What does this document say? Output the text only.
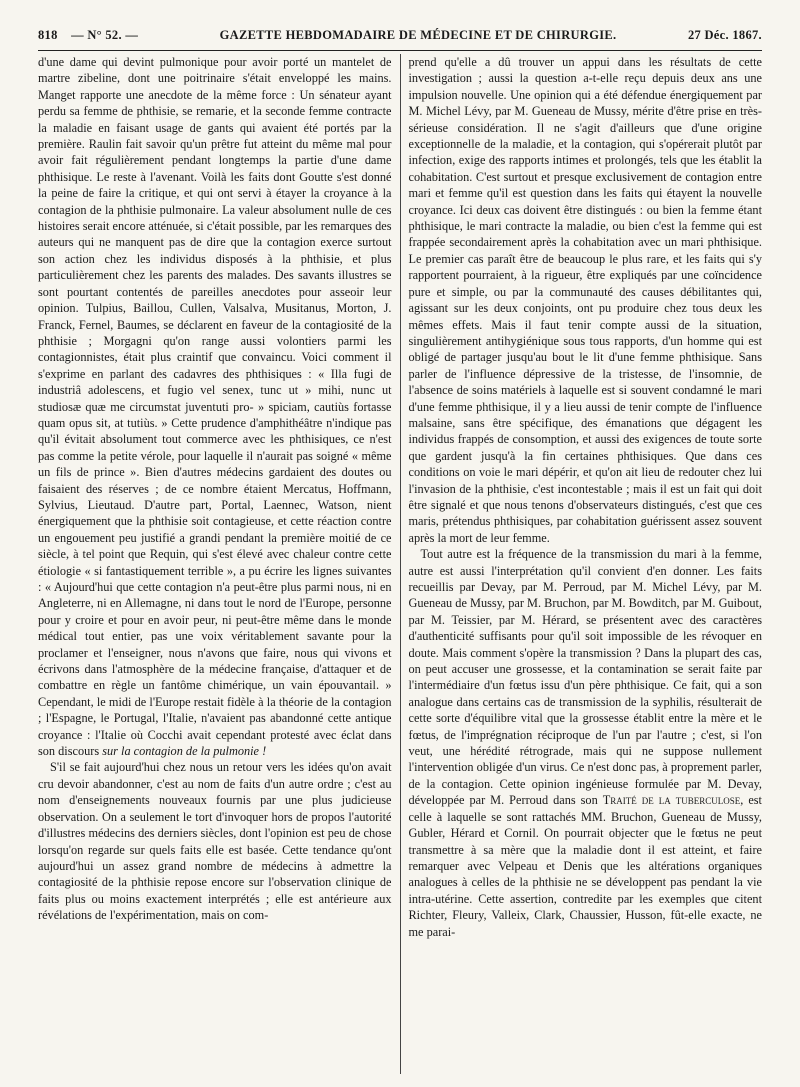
818 — N° 52. —	GAZETTE HEBDOMADAIRE DE MÉDECINE ET DE CHIRURGIE.	27 Déc. 1867.

d'une dame qui devint pulmonique pour avoir porté un mantelet de martre zibeline, dont une poitrinaire s'était enveloppé les mains. Manget rapporte une anecdote de la même force : Un sénateur ayant perdu sa femme de phthisie, se remarie, et la seconde femme contracte la maladie en faisant usage de gants qui avaient été portés par la première. Raulin fait savoir qu'un prêtre fut atteint du même mal pour avoir fait régulièrement pendant longtemps la partie d'une dame phthisique. Le reste à l'avenant. Voilà les faits dont Goutte s'est donné la peine de faire la critique, et qui ont servi à étayer la croyance à la contagion de la phthisie pulmonaire. La valeur absolument nulle de ces histoires serait encore atténuée, si c'était possible, par les remarques des auteurs qui ne manquent pas de dire que la contagion exerce surtout son action chez les individus disposés à la phthisie, et plus particulièrement chez les parents des malades. Des savants illustres se sont pourtant contentés de pareilles anecdotes pour asseoir leur opinion. Tulpius, Baillou, Cullen, Valsalva, Musitanus, Morton, J. Franck, Fernel, Baumes, se déclarent en faveur de la contagiosité de la phthisie ; Morgagni qu'on range aussi volontiers parmi les contagionnistes, était plus craintif que convaincu. Voici comment il s'exprime en parlant des cadavres des phthisiques : « Illa fugi de industriâ adolescens, et fugio vel senex, tunc ut » mihi, nunc ut studiosæ quæ me circumstat juventuti pro- » spiciam, cautiùs fortasse quam opus sit, at tutiùs. » Cette prudence d'amphithéâtre n'indique pas qu'il évitait absolument tout commerce avec les phthisiques, ce n'est pas comme la petite vérole, pour laquelle il n'aurait pas soigné « même un fils de prince ». Bien d'autres médecins gardaient des doutes ou faisaient des réserves ; de ce nombre étaient Mercatus, Hoffmann, Sylvius, Lieutaud. D'autre part, Portal, Laennec, Watson, nient énergiquement que la phthisie soit contagieuse, et cette réaction contre un engouement peu justifié a grandi pendant la première moitié de ce siècle, à tel point que Requin, qui s'est élevé avec chaleur contre cette étiologie « si fantastiquement terrible », a pu écrire les lignes suivantes : « Aujourd'hui que cette contagion n'a peut-être plus parmi nous, ni en Angleterre, ni en Allemagne, ni dans tout le nord de l'Europe, personne pour y croire et pour en avoir peur, ni peut-être même dans le monde médical tout entier, pas une voix véritablement savante pour la proclamer et l'enseigner, nous n'avons que faire, nous qui vivons et écrivons dans l'atmosphère de la médecine française, d'attaquer et de combattre en règle un fantôme chimérique, un vain épouvantail. » Cependant, le midi de l'Europe restait fidèle à la théorie de la contagion ; l'Espagne, le Portugal, l'Italie, n'avaient pas abandonné cette antique croyance : l'Italie où Cocchi avait cependant protesté avec éclat dans son discours sur la contagion de la pulmonie !

S'il se fait aujourd'hui chez nous un retour vers les idées qu'on avait cru devoir abandonner, c'est au nom de faits d'un autre ordre ; c'est au nom d'enseignements nouveaux fournis par une plus judicieuse observation. On a seulement le tort d'invoquer hors de propos l'autorité d'illustres médecins des derniers siècles, dont l'opinion est peu de chose lorsqu'on regarde sur quels faits elle est basée. Cette tendance qu'ont aujourd'hui un assez grand nombre de médecins à admettre la contagiosité de la phthisie repose encore sur l'observation clinique de faits plus ou moins exactement interprétés ; elle est antérieure aux révélations de l'expérimentation, mais on com-

prend qu'elle a dû trouver un appui dans les résultats de cette investigation ; aussi la question a-t-elle reçu depuis deux ans une impulsion nouvelle. Une opinion qui a été défendue énergiquement par M. Michel Lévy, par M. Gueneau de Mussy, mérite d'être prise en très-sérieuse considération. Il ne s'agit d'ailleurs que d'une origine exceptionnelle de la maladie, et la contagion, qui s'opérerait plutôt par infection, exige des rapports intimes et prolongés, tels que les établit la cohabitation. C'est surtout et presque exclusivement de contagion entre mari et femme qu'il est question dans les faits qui étayent la nouvelle croyance. Ici deux cas doivent être distingués : ou bien la femme étant phthisique, le mari contracte la maladie, ou bien c'est la femme qui est frappée secondairement après la cohabitation avec un mari phthisique. Le premier cas paraît être de beaucoup le plus rare, et les faits qui s'y rapportent pourraient, à la rigueur, être expliqués par une coïncidence pure et simple, ou par la communauté des causes débilitantes qui, agissant sur les deux conjoints, ont pu produire chez tous deux les mêmes effets. Mais il faut tenir compte aussi de la situation, singulièrement antihygiénique sous tous rapports, d'un homme qui est obligé de partager jusqu'au bout le lit d'une femme phthisique. Sans parler de l'influence dépressive de la tristesse, de l'insomnie, de l'absence de soins matériels à laquelle est si souvent condamné le mari d'une femme phthisique, il y a lieu aussi de tenir compte de l'influence malsaine, sans être spécifique, des émanations que dégagent les individus frappés de consomption, et aussi des exigences de toute sorte que gardent jusqu'à la fin certaines phthisiques. Que dans ces conditions on voie le mari dépérir, et qu'on ait lieu de redouter chez lui l'invasion de la phthisie, c'est incontestable ; mais il est un fait qui doit être signalé et que nous tenons d'observateurs distingués, c'est que ces maris, prétendus phthisiques, par cohabitation guérissent assez souvent après la mort de leur femme.

Tout autre est la fréquence de la transmission du mari à la femme, autre est aussi l'interprétation qu'il convient d'en donner. Les faits recueillis par Devay, par M. Perroud, par M. Michel Lévy, par M. Gueneau de Mussy, par M. Bruchon, par M. Bowditch, par M. Guibout, par M. Teissier, par M. Hérard, se présentent avec des caractères d'authenticité suffisants pour qu'il soit impossible de les révoquer en doute. Mais comment s'opère la transmission ? Dans la plupart des cas, on peut accuser une grossesse, et la contamination se serait faite par l'intermédiaire d'un fœtus issu d'un père phthisique. Ce fait, qui a son analogue dans certains cas de transmission de la syphilis, résulterait de cette sorte d'équilibre vital que la grossesse établit entre la mère et le fœtus, de l'imprégnation réciproque de l'un par l'autre ; c'est, si l'on veut, une hérédité rétrograde, mais qui ne suppose nullement l'intervention obligée d'un virus. Ce n'est donc pas, à proprement parler, de la contagion. Cette opinion ingénieuse formulée par M. Devay, développée par M. Perroud dans son Traité de la tuberculose, est celle à laquelle se sont rattachés MM. Bruchon, Gueneau de Mussy, Gubler, Hérard et Cornil. On pourrait objecter que le fœtus ne peut transmettre à sa mère que la maladie dont il est atteint, et faire remarquer avec Velpeau et Denis que les altérations organiques analogues à celles de la phthisie ne se développent pas pendant la vie intra-utérine. Cette assertion, contredite par les exemples que citent Richter, Fleury, Valleix, Clark, Chaussier, Husson, fût-elle exacte, ne me parai-
